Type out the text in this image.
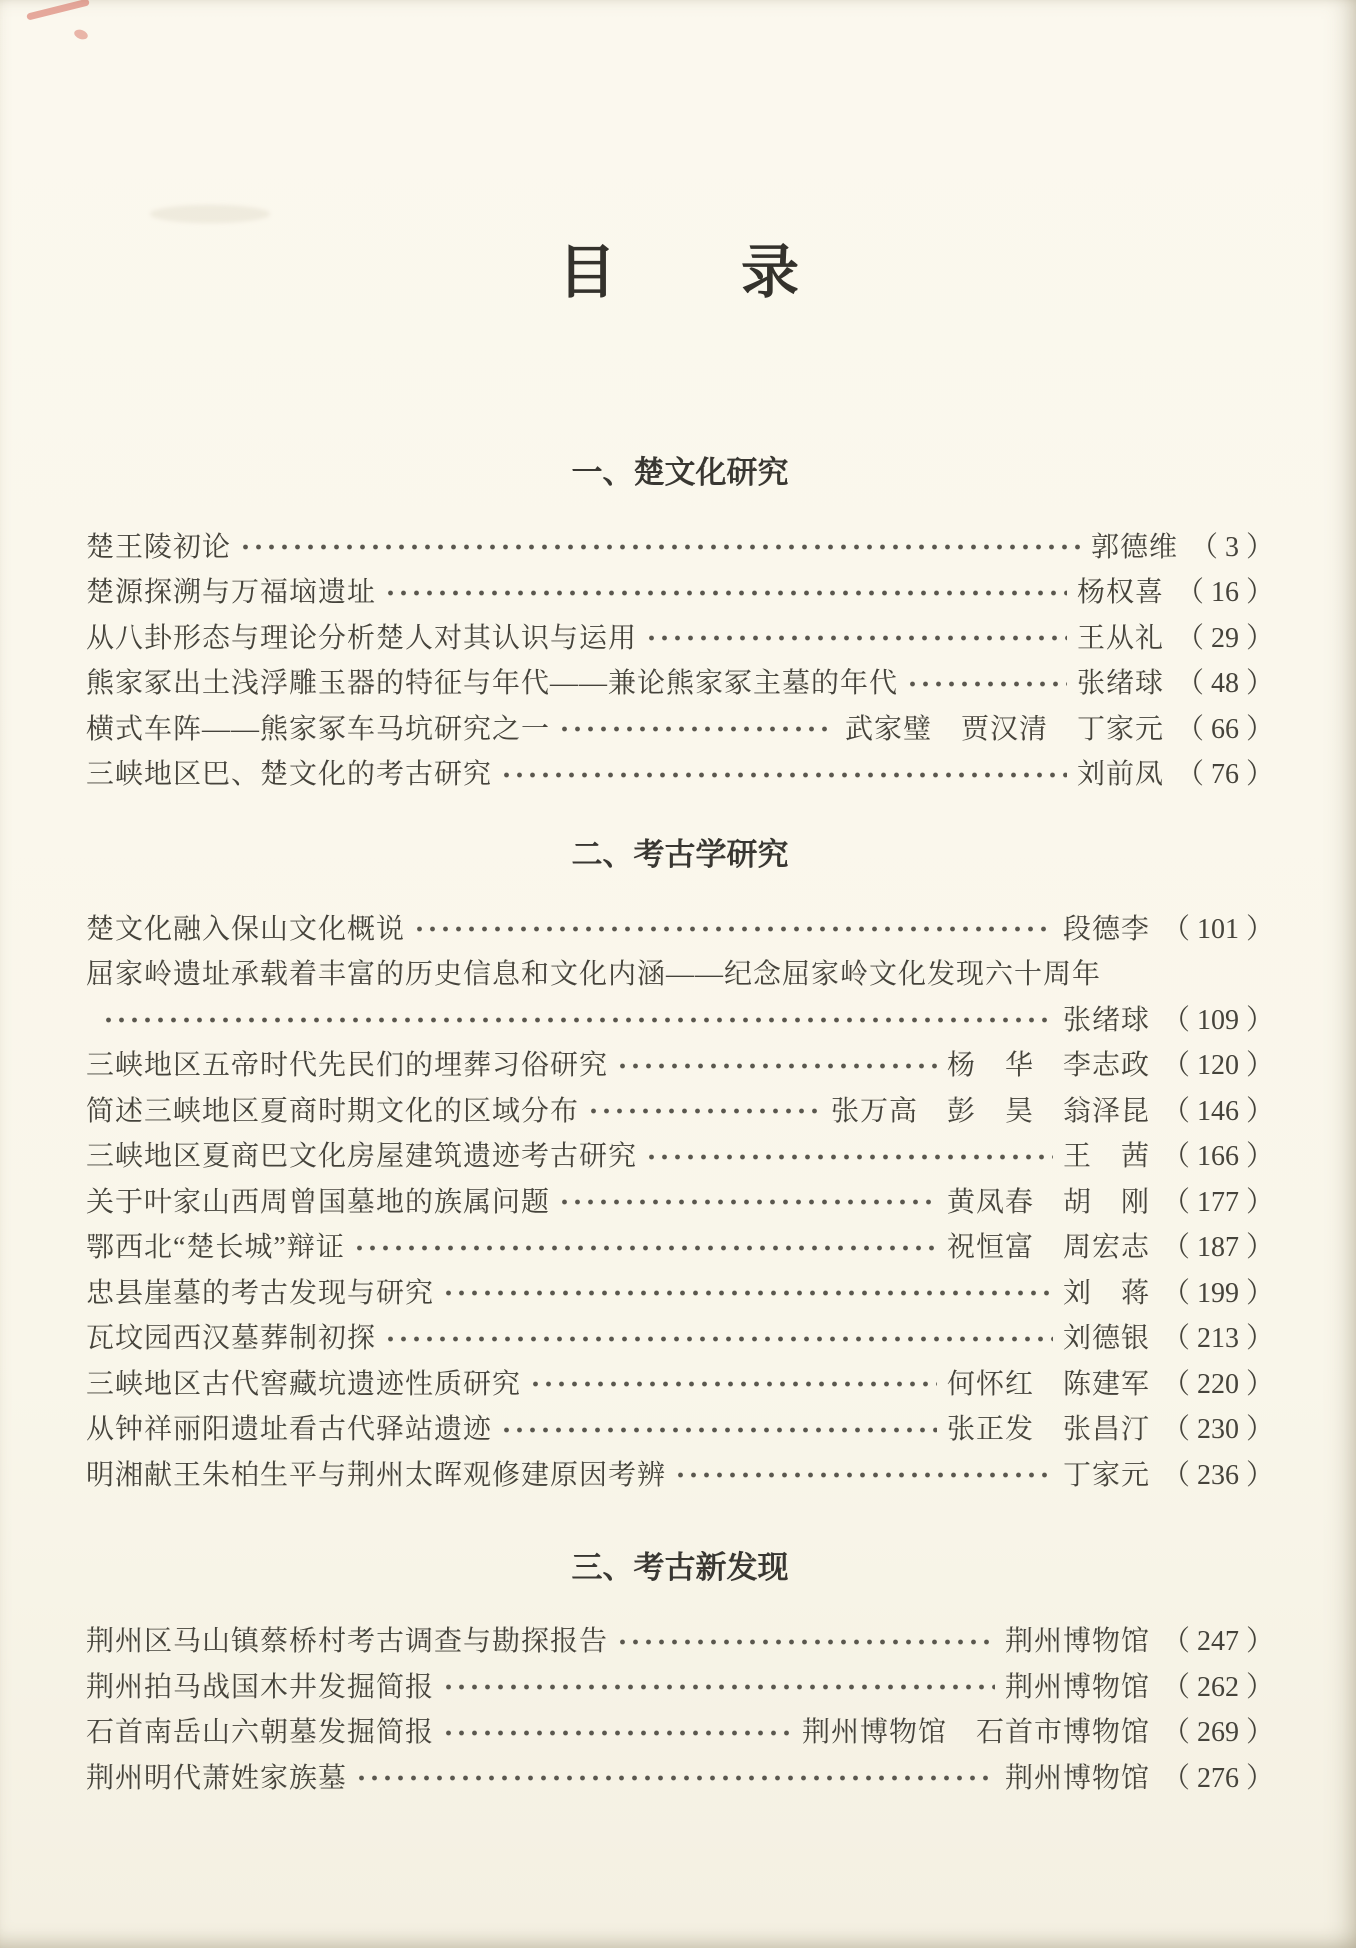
目　　录
一、楚文化研究
楚王陵初论	郭德维 （ 3 ）
楚源探溯与万福垴遗址	杨权喜 （ 16 ）
从八卦形态与理论分析楚人对其认识与运用	王从礼 （ 29 ）
熊家冢出土浅浮雕玉器的特征与年代——兼论熊家冢主墓的年代	张绪球 （ 48 ）
横式车阵——熊家冢车马坑研究之一	武家璧　贾汉清　丁家元 （ 66 ）
三峡地区巴、楚文化的考古研究	刘前凤 （ 76 ）
二、考古学研究
楚文化融入保山文化概说	段德李 （ 101 ）
屈家岭遗址承载着丰富的历史信息和文化内涵——纪念屈家岭文化发现六十周年
张绪球 （ 109 ）
三峡地区五帝时代先民们的埋葬习俗研究	杨　华　李志政 （ 120 ）
简述三峡地区夏商时期文化的区域分布	张万高　彭　昊　翁泽昆 （ 146 ）
三峡地区夏商巴文化房屋建筑遗迹考古研究	王　茜 （ 166 ）
关于叶家山西周曾国墓地的族属问题	黄凤春　胡　刚 （ 177 ）
鄂西北“楚长城”辩证	祝恒富　周宏志 （ 187 ）
忠县崖墓的考古发现与研究	刘　蒋 （ 199 ）
瓦坟园西汉墓葬制初探	刘德银 （ 213 ）
三峡地区古代窖藏坑遗迹性质研究	何怀红　陈建军 （ 220 ）
从钟祥丽阳遗址看古代驿站遗迹	张正发　张昌汀 （ 230 ）
明湘献王朱柏生平与荆州太晖观修建原因考辨	丁家元 （ 236 ）
三、考古新发现
荆州区马山镇蔡桥村考古调查与勘探报告	荆州博物馆 （ 247 ）
荆州拍马战国木井发掘简报	荆州博物馆 （ 262 ）
石首南岳山六朝墓发掘简报	荆州博物馆　石首市博物馆 （ 269 ）
荆州明代萧姓家族墓	荆州博物馆 （ 276 ）
